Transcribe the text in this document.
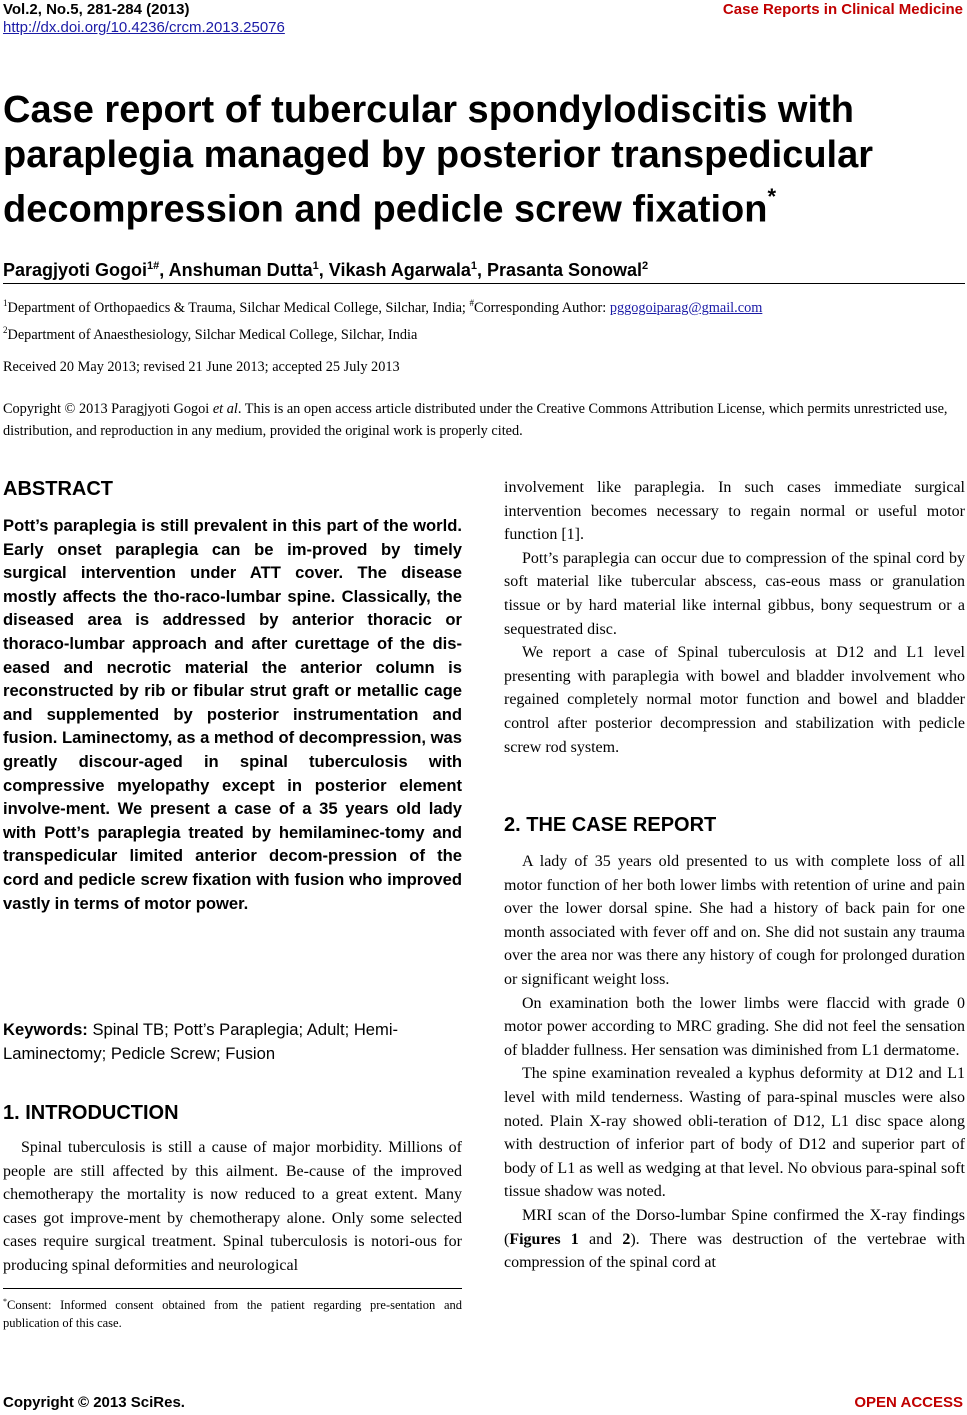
Vol.2, No.5, 281-284 (2013)
http://dx.doi.org/10.4236/crcm.2013.25076
Case Reports in Clinical Medicine
Case report of tubercular spondylodiscitis with paraplegia managed by posterior transpedicular decompression and pedicle screw fixation*
Paragjyoti Gogoi$^{1\#}$, Anshuman Dutta$^1$, Vikash Agarwala$^1$, Prasanta Sonowal$^2$
$^1$Department of Orthopaedics & Trauma, Silchar Medical College, Silchar, India; #Corresponding Author: pggogoiparag@gmail.com
$^2$Department of Anaesthesiology, Silchar Medical College, Silchar, India
Received 20 May 2013; revised 21 June 2013; accepted 25 July 2013
Copyright © 2013 Paragjyoti Gogoi et al. This is an open access article distributed under the Creative Commons Attribution License, which permits unrestricted use, distribution, and reproduction in any medium, provided the original work is properly cited.
ABSTRACT
Pott’s paraplegia is still prevalent in this part of the world. Early onset paraplegia can be im-proved by timely surgical intervention under ATT cover. The disease mostly affects the tho-raco-lumbar spine. Classically, the diseased area is addressed by anterior thoracic or thoraco-lumbar approach and after curettage of the dis-eased and necrotic material the anterior column is reconstructed by rib or fibular strut graft or metallic cage and supplemented by posterior instrumentation and fusion. Laminectomy, as a method of decompression, was greatly discour-aged in spinal tuberculosis with compressive myelopathy except in posterior element involve-ment. We present a case of a 35 years old lady with Pott’s paraplegia treated by hemilaminec-tomy and transpedicular limited anterior decom-pression of the cord and pedicle screw fixation with fusion who improved vastly in terms of motor power.
Keywords: Spinal TB; Pott’s Paraplegia; Adult; Hemi-Laminectomy; Pedicle Screw; Fusion
1. INTRODUCTION

Spinal tuberculosis is still a cause of major morbidity. Millions of people are still affected by this ailment. Be-cause of the improved chemotherapy the mortality is now reduced to a great extent. Many cases got improve-ment by chemotherapy alone. Only some selected cases require surgical treatment. Spinal tuberculosis is notori-ous for producing spinal deformities and neurological

involvement like paraplegia. In such cases immediate surgical intervention becomes necessary to regain normal or useful motor function [1].

Pott’s paraplegia can occur due to compression of the spinal cord by soft material like tubercular abscess, cas-eous mass or granulation tissue or by hard material like internal gibbus, bony sequestrum or a sequestrated disc.

We report a case of Spinal tuberculosis at D12 and L1 level presenting with paraplegia with bowel and bladder involvement who regained completely normal motor function and bowel and bladder control after posterior decompression and stabilization with pedicle screw rod system.

2. THE CASE REPORT

A lady of 35 years old presented to us with complete loss of all motor function of her both lower limbs with retention of urine and pain over the lower dorsal spine. She had a history of back pain for one month associated with fever off and on. She did not sustain any trauma over the area nor was there any history of cough for prolonged duration or significant weight loss.

On examination both the lower limbs were flaccid with grade 0 motor power according to MRC grading. She did not feel the sensation of bladder fullness. Her sensation was diminished from L1 dermatome.

The spine examination revealed a kyphus deformity at D12 and L1 level with mild tenderness. Wasting of para-spinal muscles were also noted. Plain X-ray showed obli-teration of D12, L1 disc space along with destruction of inferior part of body of D12 and superior part of body of L1 as well as wedging at that level. No obvious para-spinal soft tissue shadow was noted.

MRI scan of the Dorso-lumbar Spine confirmed the X-ray findings (Figures 1 and 2). There was destruction of the vertebrae with compression of the spinal cord at

*Consent: Informed consent obtained from the patient regarding pre-sentation and publication of this case.
Copyright © 2013 SciRes.	OPEN ACCESS
